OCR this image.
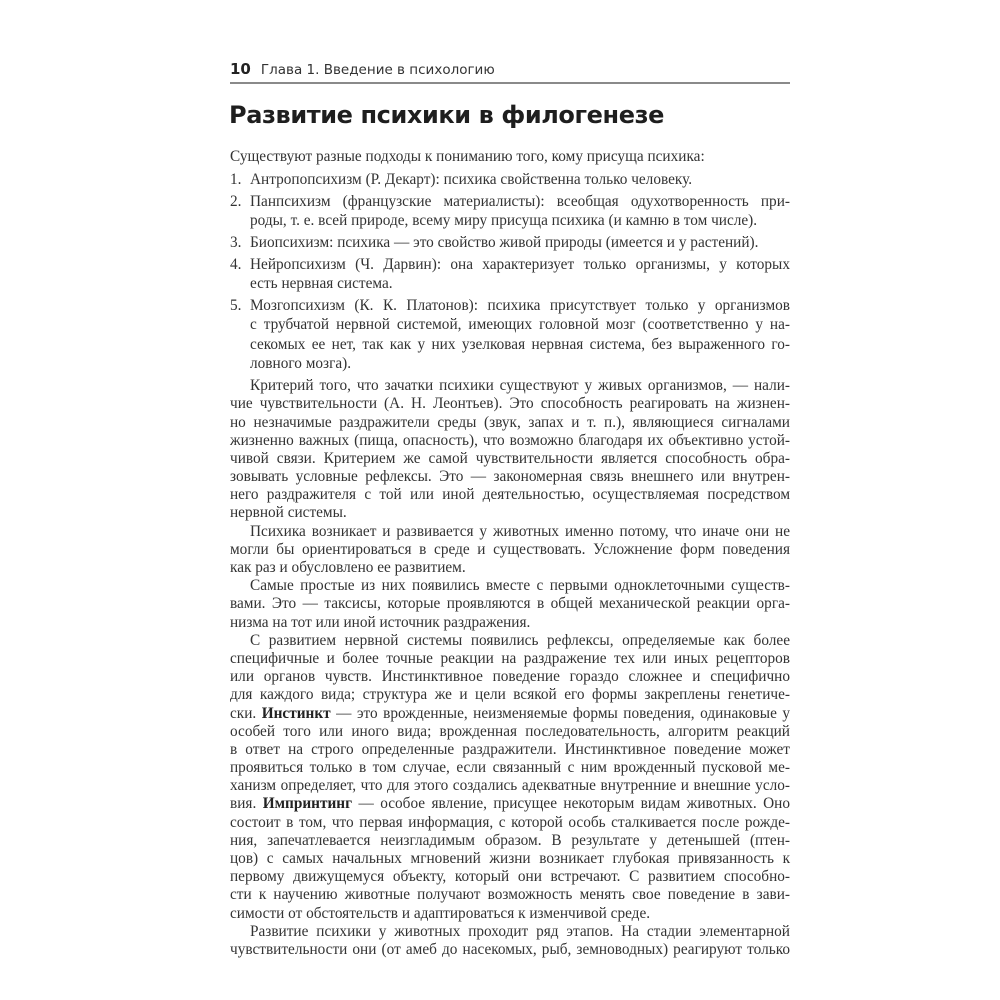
10 Глава 1. Введение в психологию
Развитие психики в филогенезе
Существуют разные подходы к пониманию того, кому присуща психика:
1. Антропопсихизм (Р. Декарт): психика свойственна только человеку.
2. Панпсихизм (французские материалисты): всеобщая одухотворенность при-
роды, т. е. всей природе, всему миру присуща психика (и камню в том числе).
3. Биопсихизм: психика — это свойство живой природы (имеется и у растений).
4. Нейропсихизм (Ч. Дарвин): она характеризует только организмы, у которых
есть нервная система.
5. Мозгопсихизм (К. К. Платонов): психика присутствует только у организмов
с трубчатой нервной системой, имеющих головной мозг (соответственно у на-
секомых ее нет, так как у них узелковая нервная система, без выраженного го-
ловного мозга).
Критерий того, что зачатки психики существуют у живых организмов, — нали-
чие чувствительности (А. Н. Леонтьев). Это способность реагировать на жизнен-
но незначимые раздражители среды (звук, запах и т. п.), являющиеся сигналами
жизненно важных (пища, опасность), что возможно благодаря их объективно устой-
чивой связи. Критерием же самой чувствительности является способность обра-
зовывать условные рефлексы. Это — закономерная связь внешнего или внутрен-
него раздражителя с той или иной деятельностью, осуществляемая посредством
нервной системы.
Психика возникает и развивается у животных именно потому, что иначе они не
могли бы ориентироваться в среде и существовать. Усложнение форм поведения
как раз и обусловлено ее развитием.
Самые простые из них появились вместе с первыми одноклеточными существ-
вами. Это — таксисы, которые проявляются в общей механической реакции орга-
низма на тот или иной источник раздражения.
С развитием нервной системы появились рефлексы, определяемые как более
специфичные и более точные реакции на раздражение тех или иных рецепторов
или органов чувств. Инстинктивное поведение гораздо сложнее и специфично
для каждого вида; структура же и цели всякой его формы закреплены генетиче-
ски. Инстинкт — это врожденные, неизменяемые формы поведения, одинаковые у
особей того или иного вида; врожденная последовательность, алгоритм реакций
в ответ на строго определенные раздражители. Инстинктивное поведение может
проявиться только в том случае, если связанный с ним врожденный пусковой ме-
ханизм определяет, что для этого создались адекватные внутренние и внешние усло-
вия. Импринтинг — особое явление, присущее некоторым видам животных. Оно
состоит в том, что первая информация, с которой особь сталкивается после рожде-
ния, запечатлевается неизгладимым образом. В результате у детенышей (птен-
цов) с самых начальных мгновений жизни возникает глубокая привязанность к
первому движущемуся объекту, который они встречают. С развитием способно-
сти к научению животные получают возможность менять свое поведение в зави-
симости от обстоятельств и адаптироваться к изменчивой среде.
Развитие психики у животных проходит ряд этапов. На стадии элементарной
чувствительности они (от амеб до насекомых, рыб, земноводных) реагируют только
